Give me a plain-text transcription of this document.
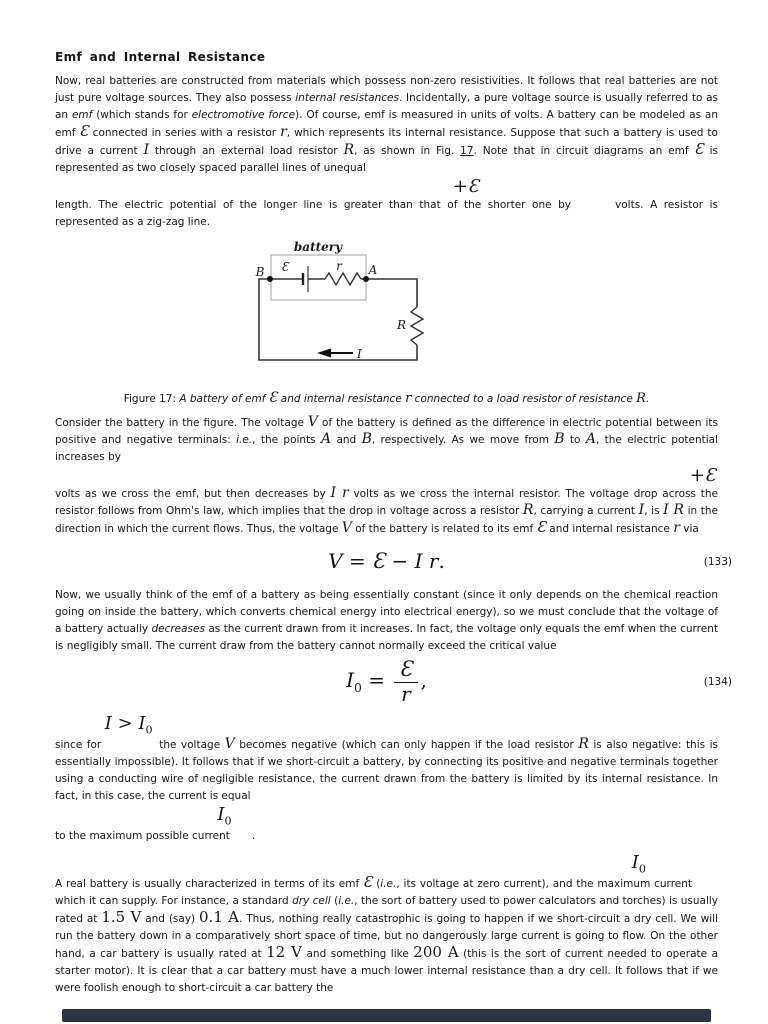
Emf and Internal Resistance

Now, real batteries are constructed from materials which possess non-zero resistivities. It follows that real batteries are not just pure voltage sources. They also possess internal resistances. Incidentally, a pure voltage source is usually referred to as an emf (which stands for electromotive force). Of course, emf is measured in units of volts. A battery can be modeled as an emf Ɛ connected in series with a resistor r, which represents its internal resistance. Suppose that such a battery is used to drive a current I through an external load resistor R, as shown in Fig. 17. Note that in circuit diagrams an emf Ɛ is represented as two closely spaced parallel lines of unequal

+Ɛ

length. The electric potential of the longer line is greater than that of the shorter one by	volts. A resistor is represented as a zig-zag line.

battery
B Ɛ	r A
R
I

Figure 17: A battery of emf Ɛ and internal resistance r connected to a load resistor of resistance R.

Consider the battery in the figure. The voltage V of the battery is defined as the difference in electric potential between its positive and negative terminals: i.e., the points A and B, respectively. As we move from B to A, the electric potential increases by

+Ɛ

volts as we cross the emf, but then decreases by I r volts as we cross the internal resistor. The voltage drop across the resistor follows from Ohm's law, which implies that the drop in voltage across a resistor R, carrying a current I, is I R in the direction in which the current flows. Thus, the voltage V of the battery is related to its emf Ɛ and internal resistance r via

V = Ɛ − I r.	(133)

Now, we usually think of the emf of a battery as being essentially constant (since it only depends on the chemical reaction going on inside the battery, which converts chemical energy into electrical energy), so we must conclude that the voltage of a battery actually decreases as the current drawn from it increases. In fact, the voltage only equals the emf when the current is negligibly small. The current draw from the battery cannot normally exceed the critical value

$I_0 = \frac{Ɛ}{r}$ ,	(134)
$I > I_0$

since for	the voltage V becomes negative (which can only happen if the load resistor R is also negative: this is essentially impossible). It follows that if we short-circuit a battery, by connecting its positive and negative terminals together using a conducting wire of negligible resistance, the current drawn from the battery is limited by its internal resistance. In fact, in this case, the current is equal

$I_0$

to the maximum possible current .

$I_0$

A real battery is usually characterized in terms of its emf Ɛ (i.e., its voltage at zero current), and the maximum currentwhich it can supply. For instance, a standard dry cell (i.e., the sort of battery used to power calculators and torches) is usually rated at 1.5 V and (say) 0.1 A. Thus, nothing really catastrophic is going to happen if we short-circuit a dry cell. We will run the battery down in a comparatively short space of time, but no dangerously large current is going to flow. On the other hand, a car battery is usually rated at 12 V and something like 200 A (this is the sort of current needed to operate a starter motor). It is clear that a car battery must have a much lower internal resistance than a dry cell. It follows that if we were foolish enough to short-circuit a car battery the
